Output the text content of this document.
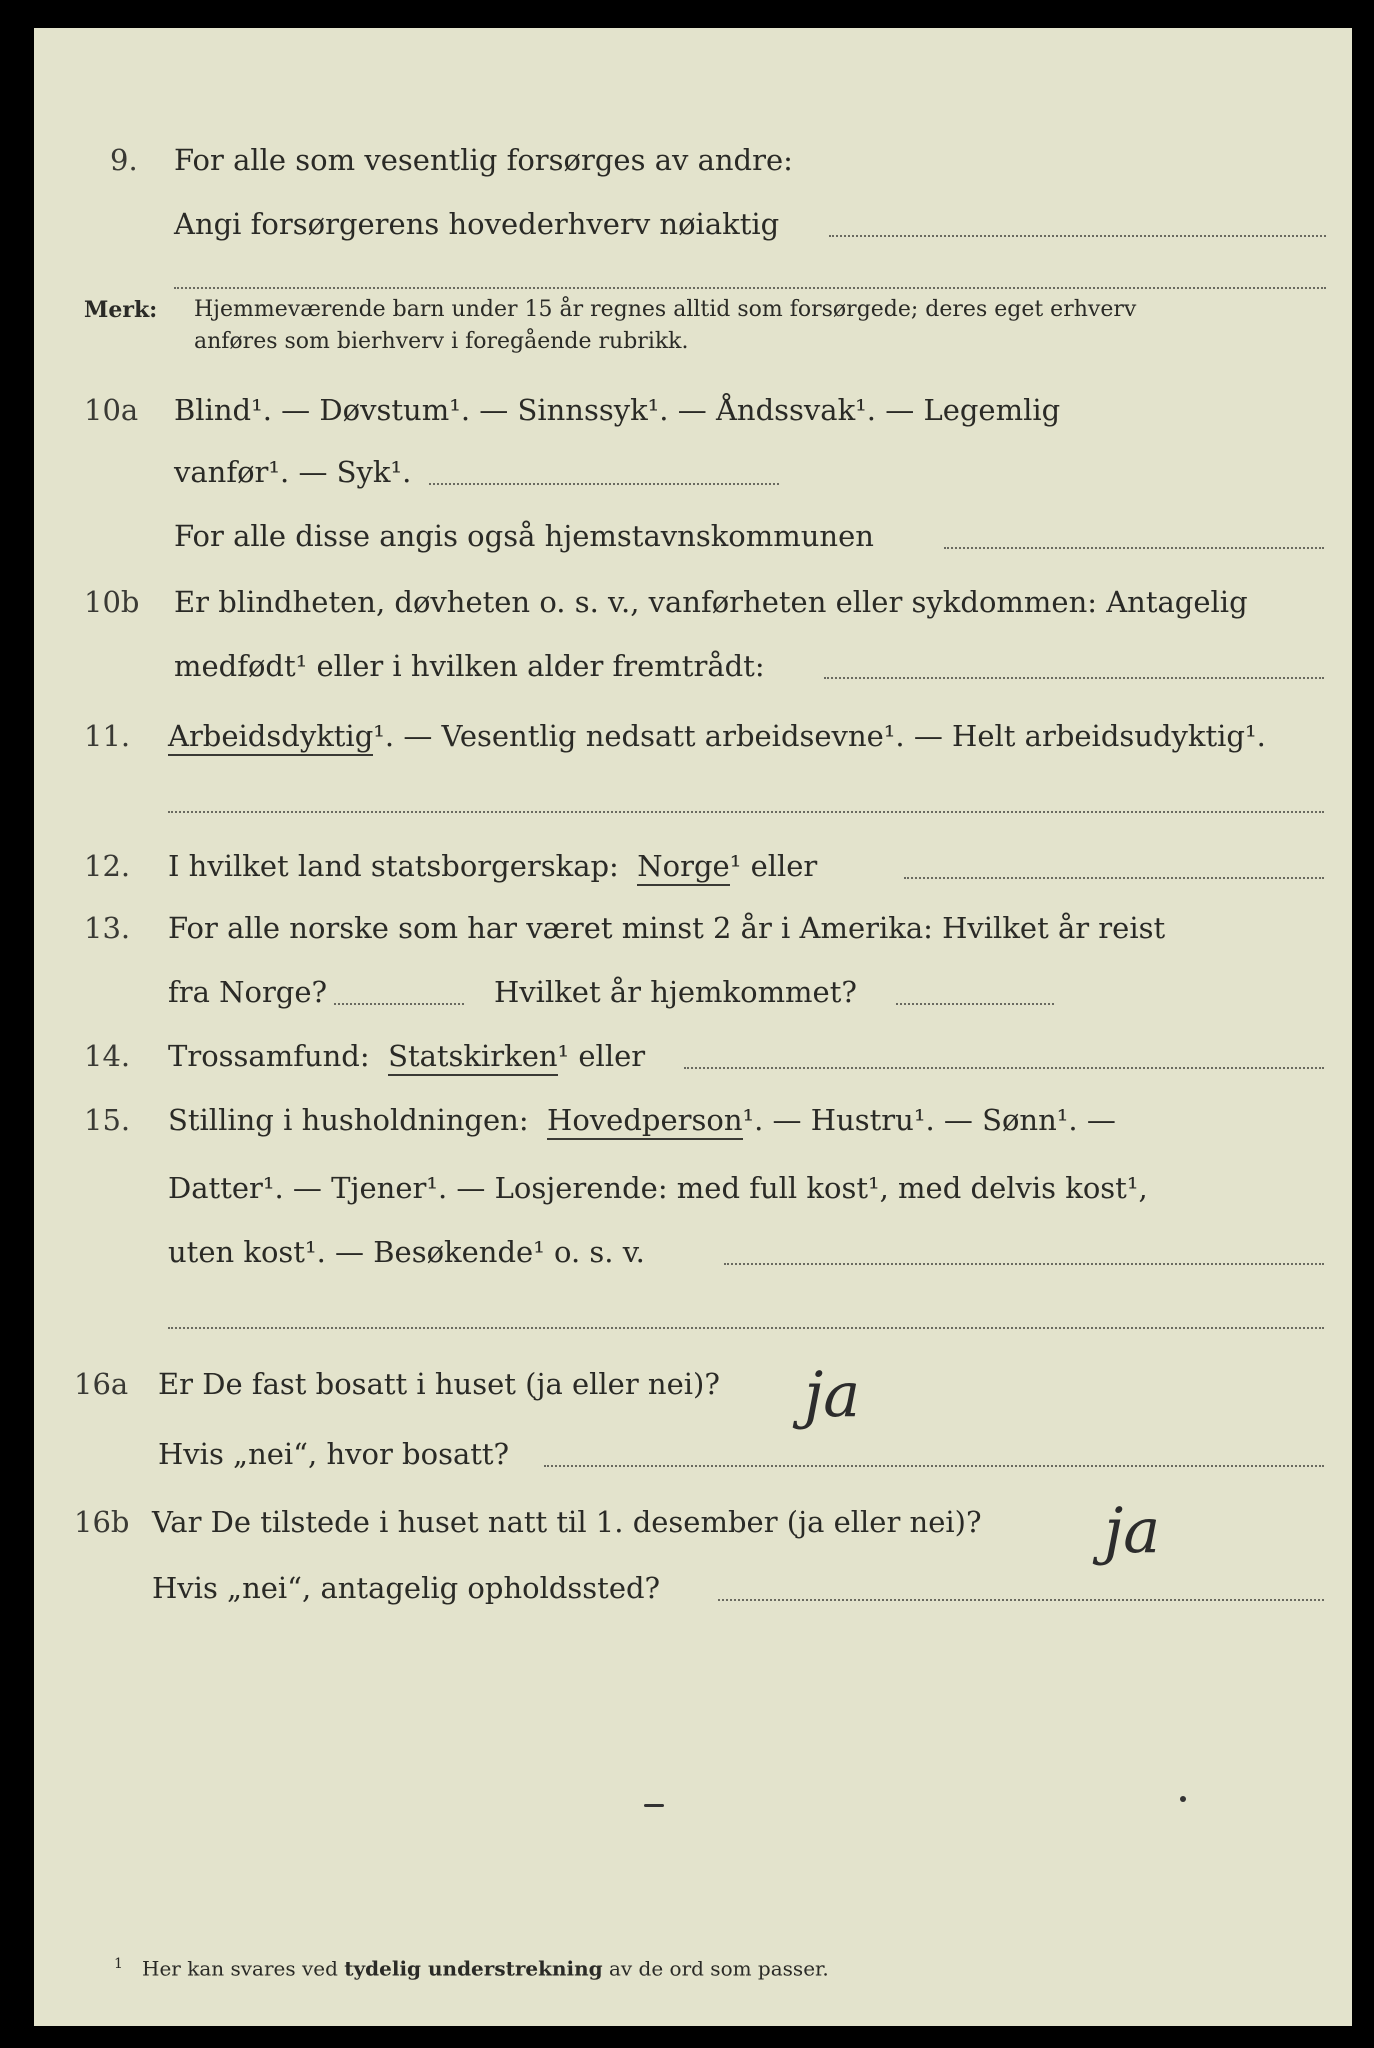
9. For alle som vesentlig forsørges av andre:
Angi forsørgerens hovederhverv nøiaktig
Merk: Hjemmeværende barn under 15 år regnes alltid som forsørgede; deres eget erhverv
anføres som bierhverv i foregående rubrikk.
10a Blind¹. — Døvstum¹. — Sinnssyk¹. — Åndssvak¹. — Legemlig
vanfør¹. — Syk¹.
For alle disse angis også hjemstavnskommunen
10b Er blindheten, døvheten o. s. v., vanførheten eller sykdommen: Antagelig
medfødt¹ eller i hvilken alder fremtrådt:
11. Arbeidsdyktig¹. — Vesentlig nedsatt arbeidsevne¹. — Helt arbeidsudyktig¹.
12. I hvilket land statsborgerskap: Norge¹ eller
13. For alle norske som har været minst 2 år i Amerika: Hvilket år reist
fra Norge?	Hvilket år hjemkommet?
14. Trossamfund: Statskirken¹ eller
15. Stilling i husholdningen: Hovedperson¹. — Hustru¹. — Sønn¹. —
Datter¹. — Tjener¹. — Losjerende: med full kost¹, med delvis kost¹,
uten kost¹. — Besøkende¹ o. s. v.
16a Er De fast bosatt i huset (ja eller nei)? ja
Hvis „nei“, hvor bosatt?
16b Var De tilstede i huset natt til 1. desember (ja eller nei)? ja
Hvis „nei“, antagelig opholdssted?
$^1$ Her kan svares ved tydelig understrekning av de ord som passer.
